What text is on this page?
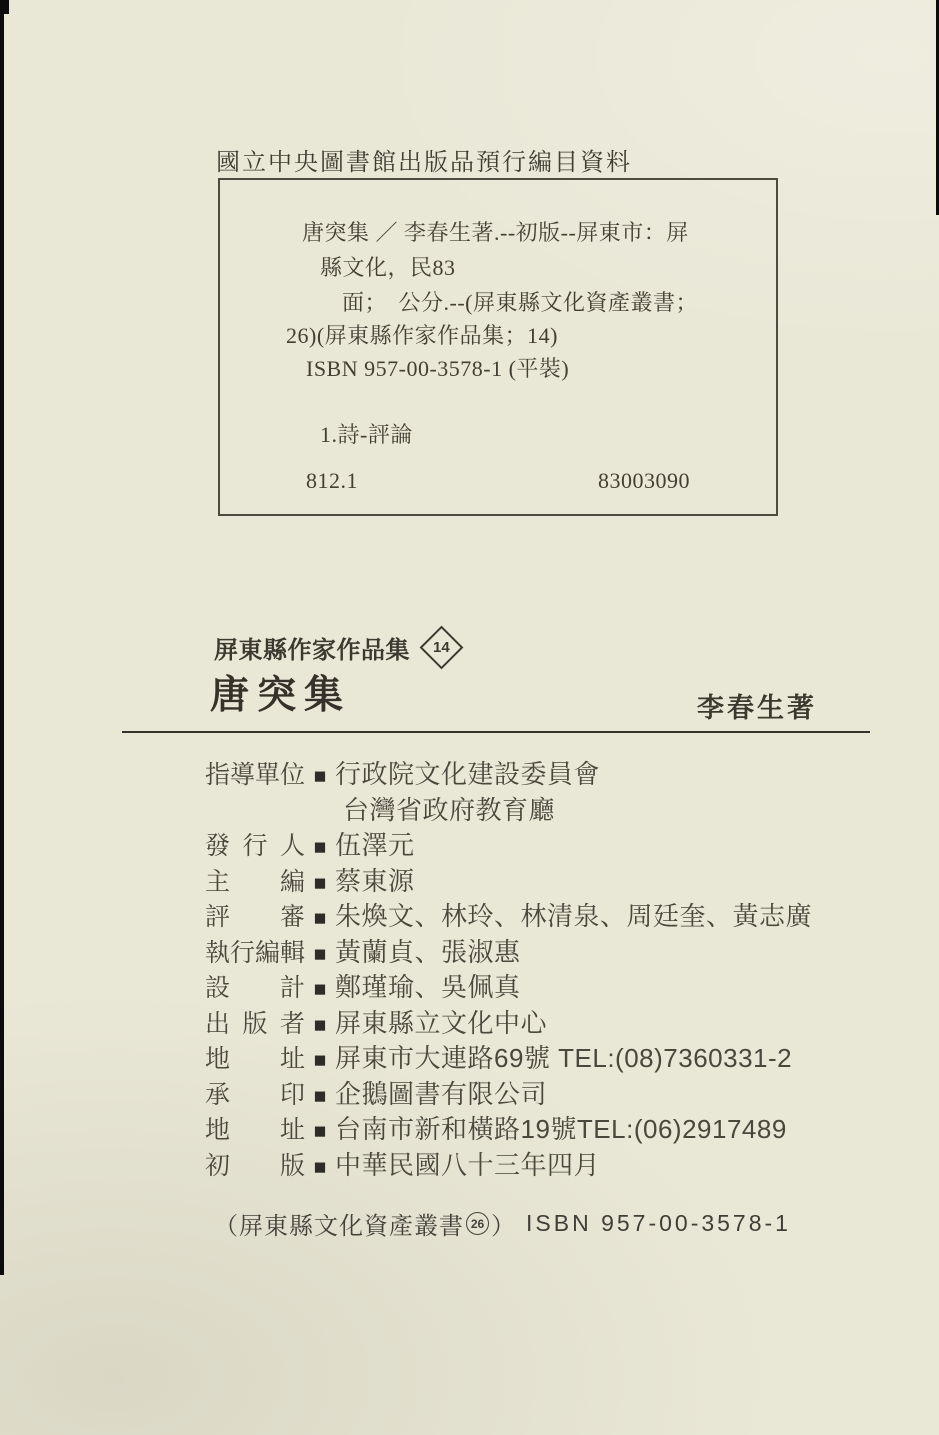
國立中央圖書館出版品預行編目資料
唐突集 ／ 李春生著.--初版--屏東市：屏
縣文化，民83
面；　公分.--(屏東縣文化資產叢書；
26)(屏東縣作家作品集；14)
ISBN 957-00-3578-1 (平裝)
1.詩-評論
812.1	83003090
屏東縣作家作品集 14
唐突集	李春生著
指導單位 ■ 行政院文化建設委員會
台灣省政府教育廳
發行人 ■ 伍澤元
主編 ■ 蔡東源
評審 ■ 朱煥文、林玲、林清泉、周廷奎、黃志廣
執行編輯 ■ 黃蘭貞、張淑惠
設計 ■ 鄭瑾瑜、吳佩真
出版者 ■ 屏東縣立文化中心
地址 ■ 屏東市大連路69號 TEL:(08)7360331-2
承印 ■ 企鵝圖書有限公司
地址 ■ 台南市新和橫路19號TEL:(06)2917489
初版 ■ 中華民國八十三年四月
（屏東縣文化資產叢書 26 ） ISBN 957-00-3578-1
